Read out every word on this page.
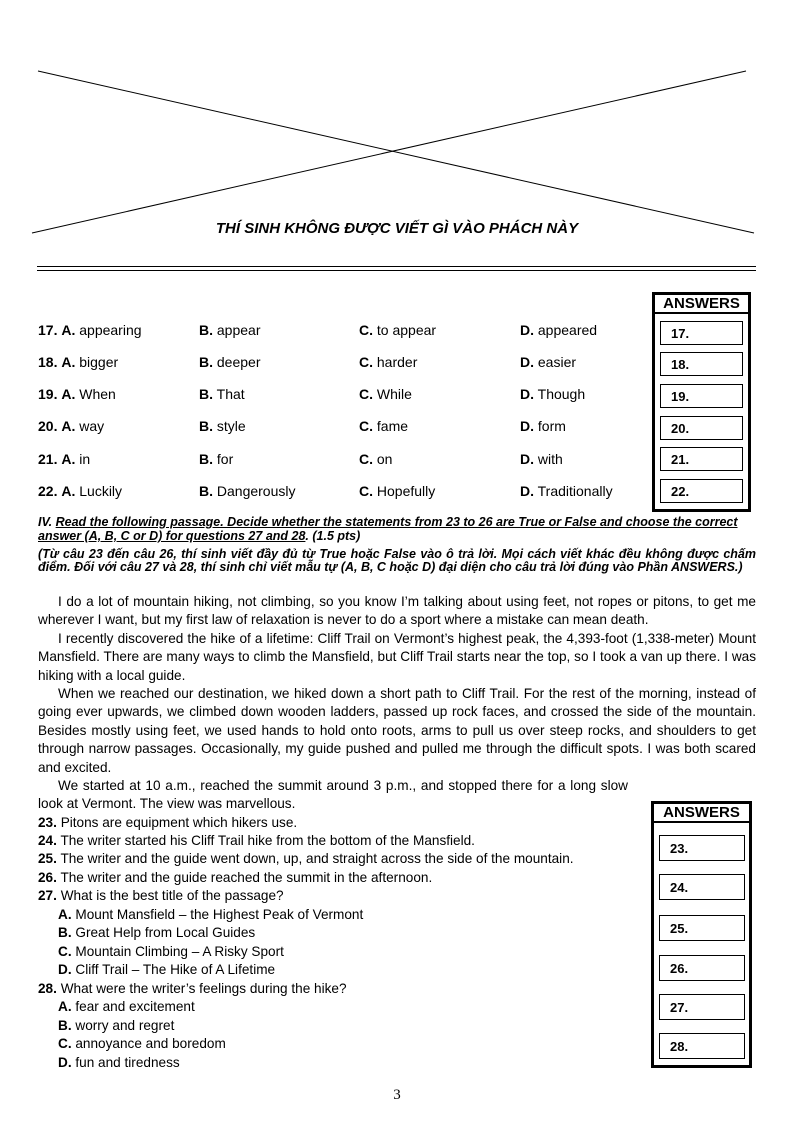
THÍ SINH KHÔNG ĐƯỢC VIẾT GÌ VÀO PHÁCH NÀY
17. A. appearing	B. appear	C. to appear	D. appeared
18. A. bigger	B. deeper	C. harder	D. easier
19. A. When	B. That	C. While	D. Though
20. A. way	B. style	C. fame	D. form
21. A. in	B. for	C. on	D. with
22. A. Luckily	B. Dangerously	C. Hopefully	D. Traditionally
ANSWERS
17.
18.
19.
20.
21.
22.
IV. Read the following passage. Decide whether the statements from 23 to 26 are True or False and choose the correct answer (A, B, C or D) for questions 27 and 28. (1.5 pts)
(Từ câu 23 đến câu 26, thí sinh viết đầy đủ từ True hoặc False vào ô trả lời. Mọi cách viết khác đều không được chấm điểm. Đối với câu 27 và 28, thí sinh chỉ viết mẫu tự (A, B, C hoặc D) đại diện cho câu trả lời đúng vào Phần ANSWERS.)

I do a lot of mountain hiking, not climbing, so you know I’m talking about using feet, not ropes or pitons, to get me wherever I want, but my first law of relaxation is never to do a sport where a mistake can mean death.

I recently discovered the hike of a lifetime: Cliff Trail on Vermont’s highest peak, the 4,393-foot (1,338-meter) Mount Mansfield. There are many ways to climb the Mansfield, but Cliff Trail starts near the top, so I took a van up there. I was hiking with a local guide.

When we reached our destination, we hiked down a short path to Cliff Trail. For the rest of the morning, instead of going ever upwards, we climbed down wooden ladders, passed up rock faces, and crossed the side of the mountain. Besides mostly using feet, we used hands to hold onto roots, arms to pull us over steep rocks, and shoulders to get through narrow passages. Occasionally, my guide pushed and pulled me through the difficult spots. I was both scared and excited.

We started at 10 a.m., reached the summit around 3 p.m., and stopped there for a long slow look at Vermont. The view was marvellous.

23. Pitons are equipment which hikers use.
24. The writer started his Cliff Trail hike from the bottom of the Mansfield.
25. The writer and the guide went down, up, and straight across the side of the mountain.
26. The writer and the guide reached the summit in the afternoon.
27. What is the best title of the passage?
A. Mount Mansfield – the Highest Peak of Vermont
B. Great Help from Local Guides
C. Mountain Climbing – A Risky Sport
D. Cliff Trail – The Hike of A Lifetime
28. What were the writer’s feelings during the hike?
A. fear and excitement
B. worry and regret
C. annoyance and boredom
D. fun and tiredness
ANSWERS
23.
24.
25.
26.
27.
28.
3
